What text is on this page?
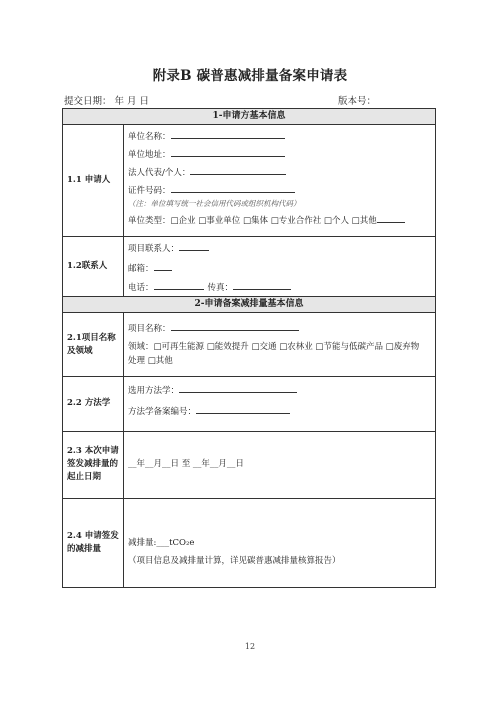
附录B 碳普惠减排量备案申请表
提交日期： 年 月 日	版本号：
1-申请方基本信息
1.1 申请人
单位名称：
单位地址：
法人代表/个人：
证件号码：
（注：单位填写统一社会信用代码或组织机构代码）
单位类型：□企业 □事业单位 □集体 □专业合作社 □个人 □其他
1.2联系人
项目联系人：
邮箱：
电话：	传真：
2-申请备案减排量基本信息
2.1项目名称及领域
项目名称：
领域：□可再生能源 □能效提升 □交通 □农林业 □节能与低碳产品 □废弃物
处理 □其他
2.2 方法学
选用方法学：
方法学备案编号：
2.3 本次申请签发减排量的起止日期
__年__月__日 至 __年__月__日
2.4 申请签发的减排量
减排量:___tCO₂e
（项目信息及减排量计算，详见碳普惠减排量核算报告）
12
